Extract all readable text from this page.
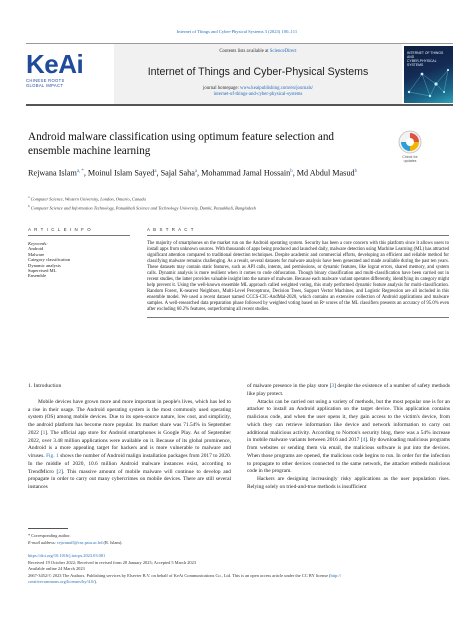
Internet of Things and Cyber-Physical Systems 3 (2023) 100–111
KeAi
CHINESE ROOTS
GLOBAL IMPACT
Contents lists available at ScienceDirect
Internet of Things and Cyber-Physical Systems
journal homepage: www.keaipublishing.com/en/journals/
internet-of-things-and-cyber-physical-systems
INTERNET OF THINGS AND
CYBER-PHYSICAL SYSTEMS
Android malware classification using optimum feature selection and ensemble machine learning	Check for
updates
Rejwana Islam$^{a, *}$, Moinul Islam Sayed$^a$, Sajal Saha$^a$, Mohammad Jamal Hossain$^b$, Md Abdul Masud$^b$
$^a$ Computer Science, Western University, London, Ontario, Canada
$^b$ Computer Science and Information Technology, Patuakhali Science and Technology University, Dumki, Patuakhali, Bangladesh
A R T I C L E I N F O
Keywords:
Android
Malware
Category classification
Dynamic analysis
Supervised ML
Ensemble
A B S T R A C T
The majority of smartphones on the market run on the Android operating system. Security has been a core concern with this platform since it allows users to install apps from unknown sources. With thousands of apps being produced and launched daily, malware detection using Machine Learning (ML) has attracted significant attention compared to traditional detection techniques. Despite academic and commercial efforts, developing an efficient and reliable method for classifying malware remains challenging. As a result, several datasets for malware analysis have been generated and made available during the past ten years. These datasets may contain static features, such as API calls, intents, and permissions, or dynamic features, like logcat errors, shared memory, and system calls. Dynamic analysis is more resilient when it comes to code obfuscation. Though binary classification and multi-classification have been carried out in recent studies, the latter provides valuable insight into the nature of malware. Because each malware variant operates differently, identifying its category might help prevent it. Using the well-known ensemble ML approach called weighted voting, this study performed dynamic feature analysis for multi-classification. Random Forest, K-nearest Neighbors, Multi-Level Perceptrons, Decision Trees, Support Vector Machines, and Logistic Regression are all included in this ensemble model. We used a recent dataset named CCCS-CIC-AndMal-2020, which contains an extensive collection of Android applications and malware samples. A well-researched data preparation phase followed by weighted voting based on R² scores of the ML classifiers presents an accuracy of 95.0% even after excluding 60.2% features, outperforming all recent studies.
1. Introduction

Mobile devices have grown more and more important in people's lives, which has led to a rise in their usage. The Android operating system is the most commonly used operating system (OS) among mobile devices. Due to its open-source nature, low cost, and simplicity, the android platform has become more popular. Its market share was 71.54% in September 2022 [1]. The official app store for Android smartphones is Google Play. As of September 2022, over 3.48 million applications were available on it. Because of its global prominence, Android is a more appealing target for hackers and is more vulnerable to malware and viruses. Fig. 1 shows the number of Android malign installation packages from 2017 to 2020. In the middle of 2020, 10.6 million Android malware instances exist, according to TrendMicro [2]. This massive amount of mobile malware will continue to develop and propagate in order to carry out many cybercrimes on mobile devices. There are still several instances

of malware presence in the play store [3] despite the existence of a number of safety methods like play protect.

Attacks can be carried out using a variety of methods, but the most popular one is for an attacker to install an Android application on the target device. This application contains malicious code, and when the user opens it, they gain access to the victim's device, from which they can retrieve information like device and network information to carry out additional malicious activity. According to Norton's security blog, there was a 54% increase in mobile malware variants between 2016 and 2017 [4]. By downloading malicious programs from websites or sending them via email, the malicious software is put into the devices. When those programs are opened, the malicious code begins to run. In order for the infection to propagate to other devices connected to the same network, the attacker embeds malicious code in the program.

Hackers are designing increasingly risky applications as the user population rises. Relying solely on tried-and-true methods is insufficient

* Corresponding author.
E-mail address: rejwanaff@cse.pstu.ac.bd (R. Islam).
https://doi.org/10.1016/j.iotcps.2023.03.001
Received 19 October 2022; Received in revised form 28 January 2023; Accepted 5 March 2023
Available online 24 March 2023
2667-3452/© 2023 The Authors. Publishing services by Elsevier B.V. on behalf of KeAi Communications Co., Ltd. This is an open access article under the CC BY license (http://
creativecommons.org/licenses/by/4.0/).
